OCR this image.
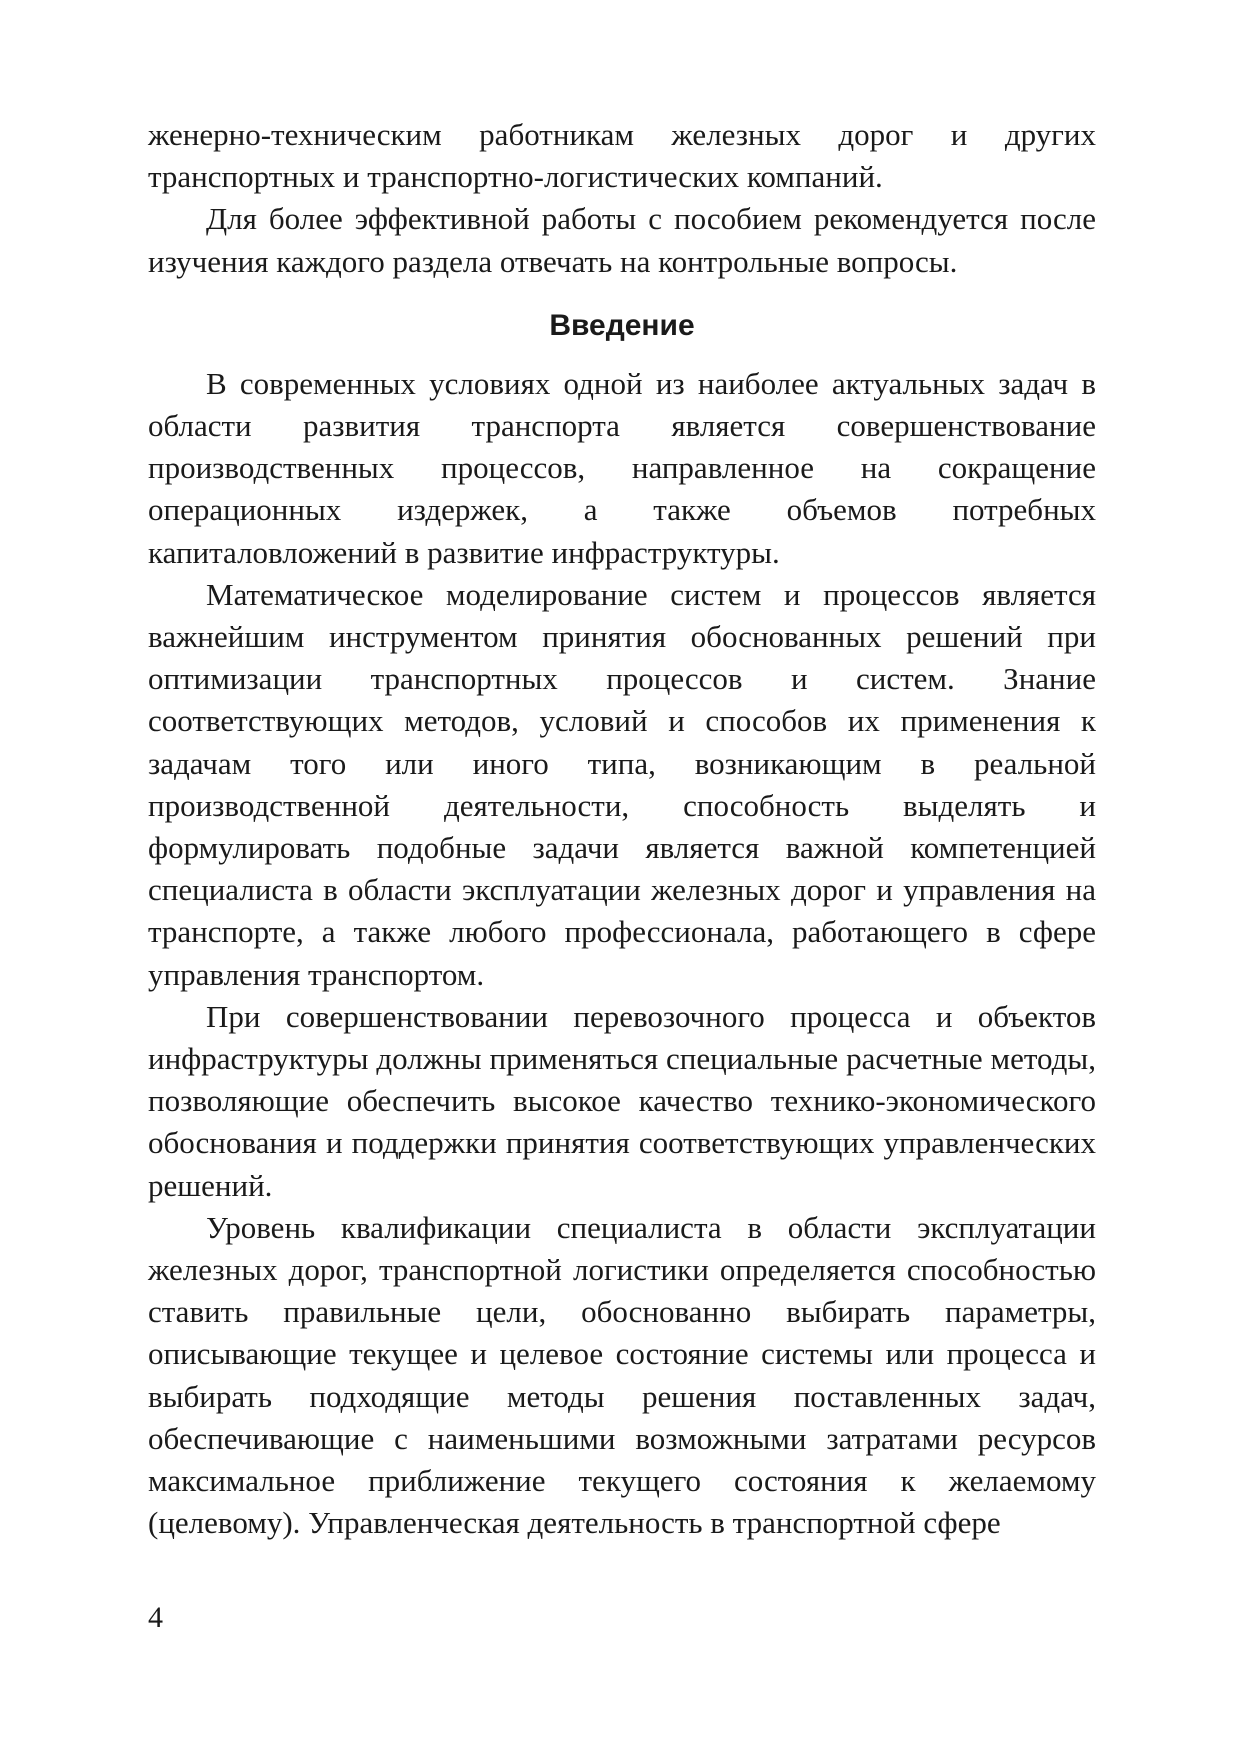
женерно-техническим работникам железных дорог и других транспортных и транспортно-логистических компаний.

Для более эффективной работы с пособием рекомендуется после изучения каждого раздела отвечать на контрольные вопросы.

Введение

В современных условиях одной из наиболее актуальных задач в области развития транспорта является совершенствование производственных процессов, направленное на сокращение операционных издержек, а также объемов потребных капиталовложений в развитие инфраструктуры.

Математическое моделирование систем и процессов является важнейшим инструментом принятия обоснованных решений при оптимизации транспортных процессов и систем. Знание соответствующих методов, условий и способов их применения к задачам того или иного типа, возникающим в реальной производственной деятельности, способность выделять и формулировать подобные задачи является важной компетенцией специалиста в области эксплуатации железных дорог и управления на транспорте, а также любого профессионала, работающего в сфере управления транспортом.

При совершенствовании перевозочного процесса и объектов инфраструктуры должны применяться специальные расчетные методы, позволяющие обеспечить высокое качество технико-экономического обоснования и поддержки принятия соответствующих управленческих решений.

Уровень квалификации специалиста в области эксплуатации железных дорог, транспортной логистики определяется способностью ставить правильные цели, обоснованно выбирать параметры, описывающие текущее и целевое состояние системы или процесса и выбирать подходящие методы решения поставленных задач, обеспечивающие с наименьшими возможными затратами ресурсов максимальное приближение текущего состояния к желаемому (целевому). Управленческая деятельность в транспортной сфере

4
